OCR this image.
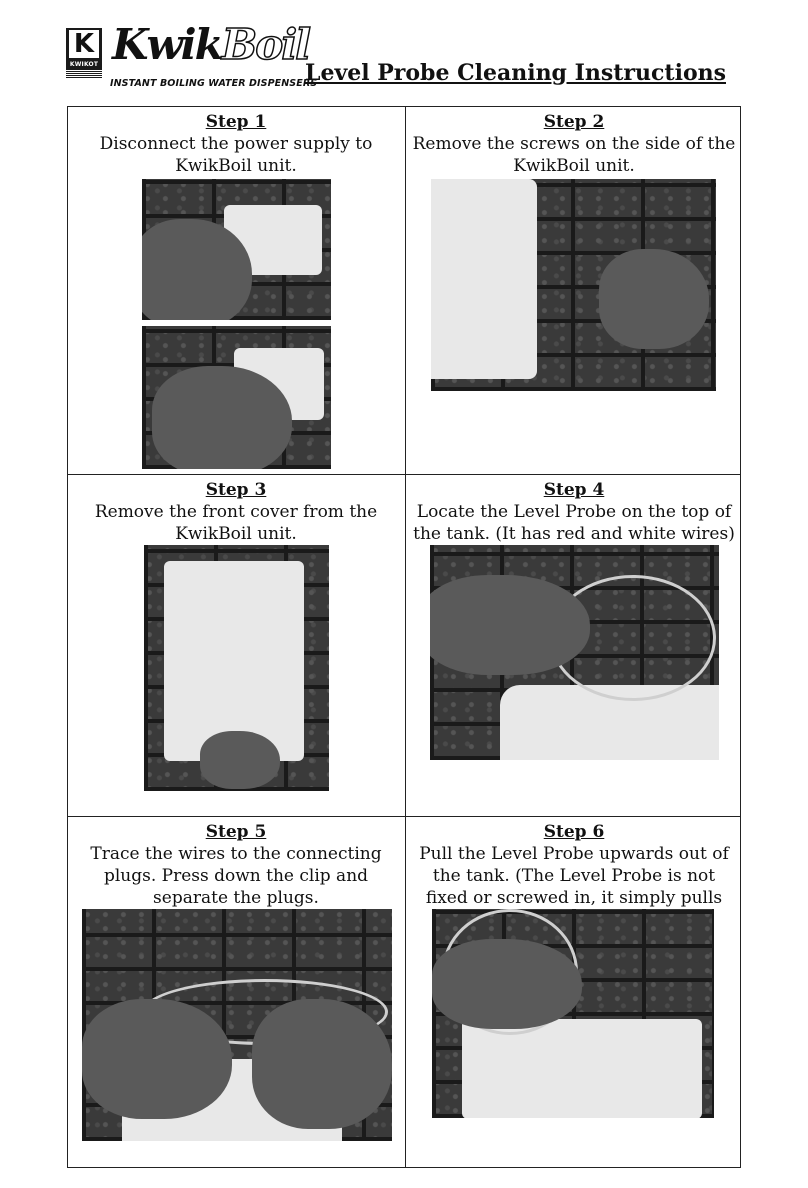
K
KWIKOT KwikBoil
INSTANT BOILING WATER DISPENSERS
Level Probe Cleaning Instructions
Step 1
Disconnect the power supply to KwikBoil unit.
Step 2
Remove the screws on the side of the KwikBoil unit.
Step 3
Remove the front cover from the KwikBoil unit.
Step 4
Locate the Level Probe on the top of the tank. (It has red and white wires)
Step 5
Trace the wires to the connecting plugs. Press down the clip and separate the plugs.
Step 6
Pull the Level Probe upwards out of the tank. (The Level Probe is not fixed or screwed in, it simply pulls
